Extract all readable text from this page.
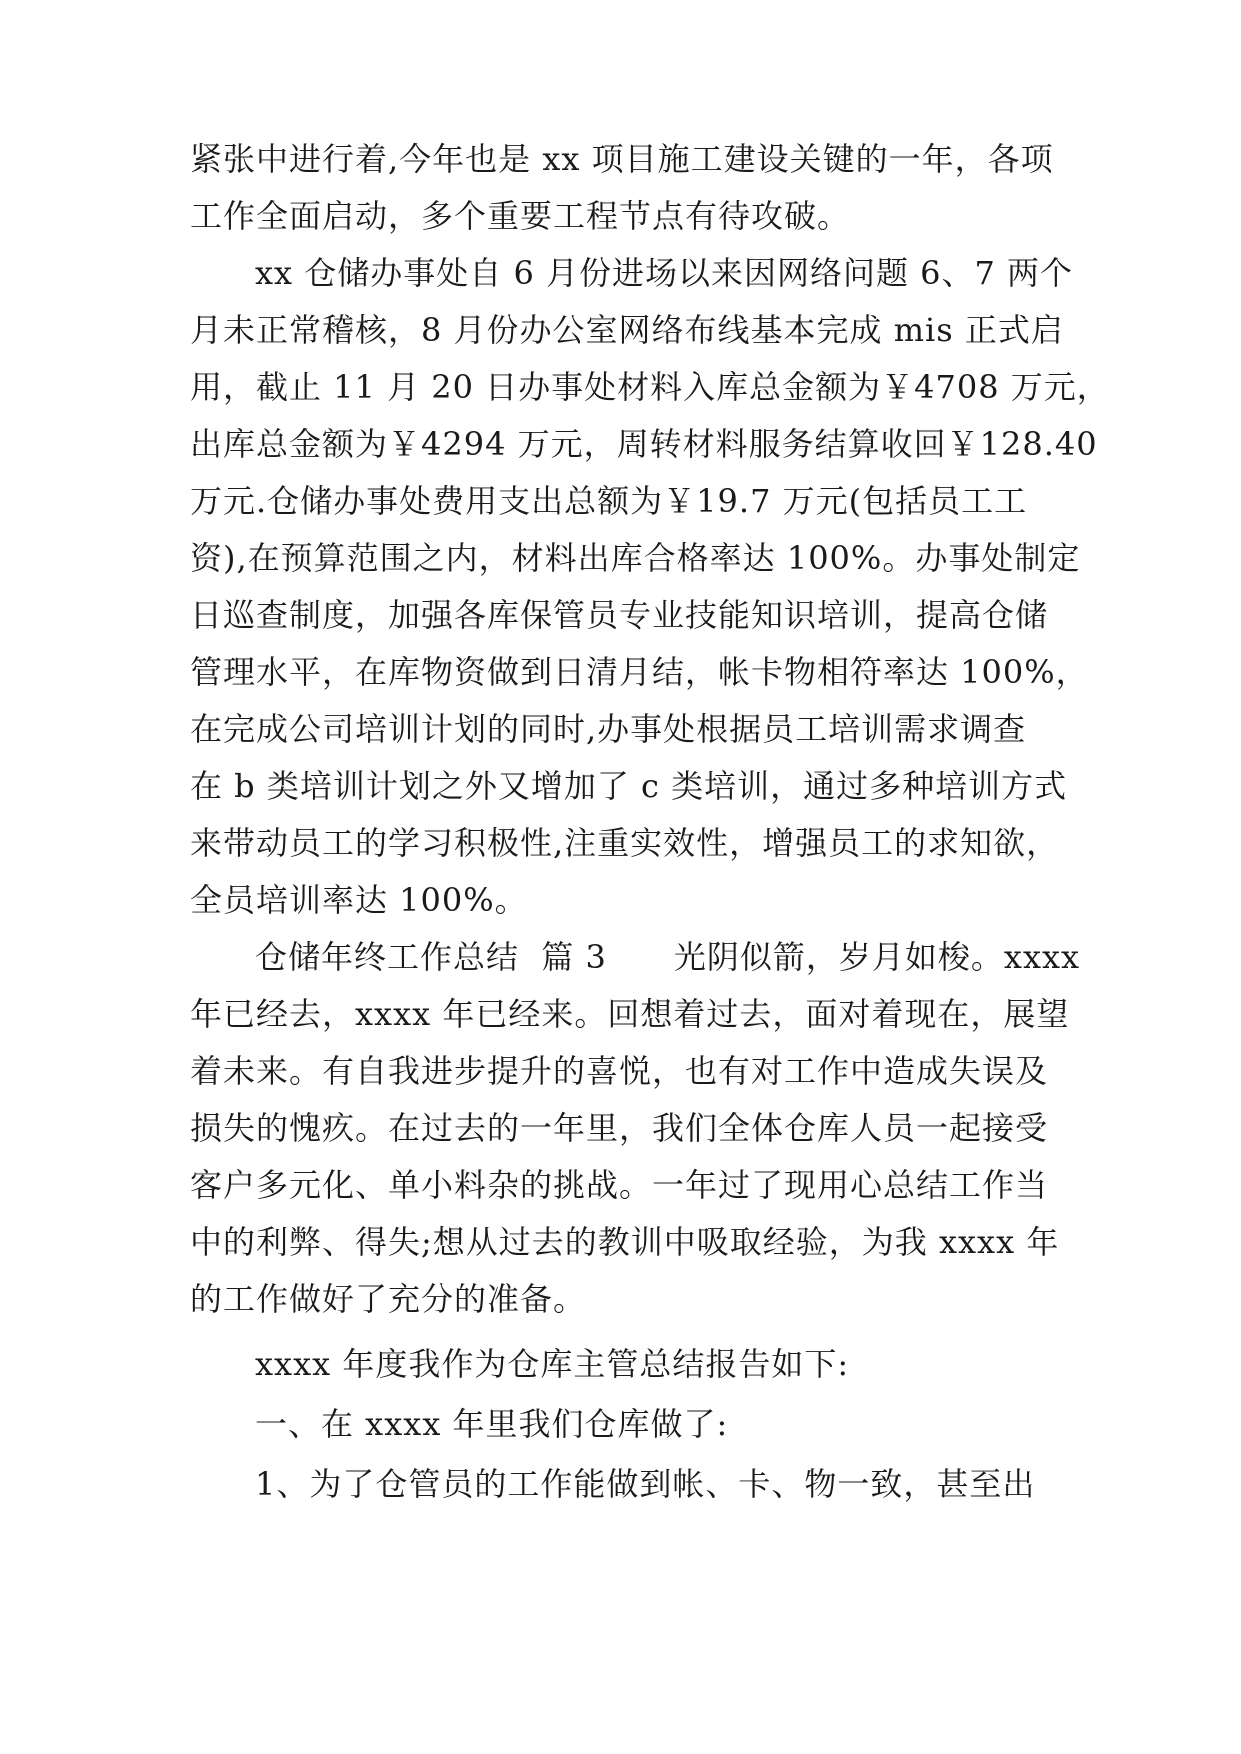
紧张中进行着,今年也是 xx 项目施工建设关键的一年，各项
工作全面启动，多个重要工程节点有待攻破。
xx 仓储办事处自 6 月份进场以来因网络问题 6、7 两个
月未正常稽核，8 月份办公室网络布线基本完成 mis 正式启
用，截止 11 月 20 日办事处材料入库总金额为￥4708 万元，
出库总金额为￥4294 万元，周转材料服务结算收回￥128.40
万元.仓储办事处费用支出总额为￥19.7 万元(包括员工工
资),在预算范围之内，材料出库合格率达 100%。办事处制定
日巡查制度，加强各库保管员专业技能知识培训，提高仓储
管理水平，在库物资做到日清月结，帐卡物相符率达 100%，
在完成公司培训计划的同时,办事处根据员工培训需求调查
在 b 类培训计划之外又增加了 c 类培训，通过多种培训方式
来带动员工的学习积极性,注重实效性，增强员工的求知欲，
全员培训率达 100%。
仓储年终工作总结  篇 3      光阴似箭，岁月如梭。xxxx
年已经去，xxxx 年已经来。回想着过去，面对着现在，展望
着未来。有自我进步提升的喜悦，也有对工作中造成失误及
损失的愧疚。在过去的一年里，我们全体仓库人员一起接受
客户多元化、单小料杂的挑战。一年过了现用心总结工作当
中的利弊、得失;想从过去的教训中吸取经验，为我 xxxx 年
的工作做好了充分的准备。
xxxx 年度我作为仓库主管总结报告如下:
一、在 xxxx 年里我们仓库做了:
1、为了仓管员的工作能做到帐、卡、物一致，甚至出
